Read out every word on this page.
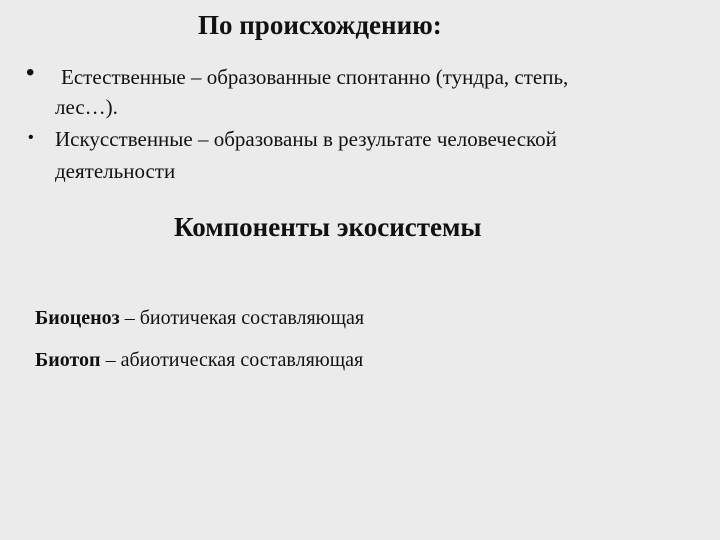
По происхождению:
• Естественные – образованные спонтанно (тундра, степь,
лес…).
• Искусственные – образованы в результате человеческой
деятельности
Компоненты экосистемы
Биоценоз – биотичекая составляющая
Биотоп – абиотическая составляющая
